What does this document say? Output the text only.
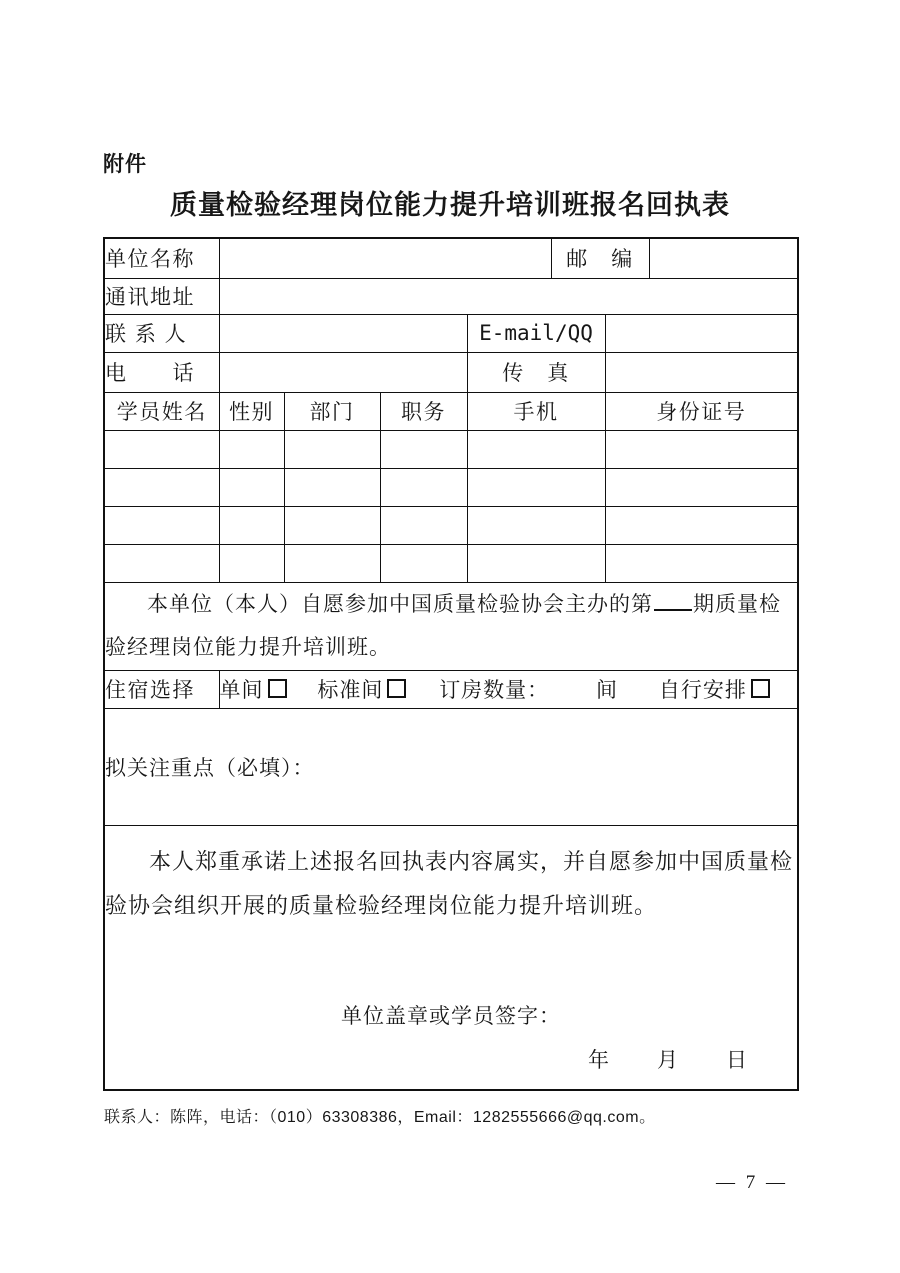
附件
质量检验经理岗位能力提升培训班报名回执表
单位名称					邮　编		
通讯地址							
联 系 人				E-mail/QQ			
电　　话				传　真			
学员姓名	性别	部门	职务	手机		身份证号	

本单位（本人）自愿参加中国质量检验协会主办的第 期质量检验经理岗位能力提升培训班。							

住宿选择	单间 标准间 订房数量： 间 自行安排						
拟关注重点（必填）：							

本人郑重承诺上述报名回执表内容属实，并自愿参加中国质量检验协会组织开展的质量检验经理岗位能力提升培训班。

单位盖章或学员签字：
年　　月　　日							
联系人：陈阵，电话：（010）63308386，Email：1282555666@qq.com。
— 7 —
